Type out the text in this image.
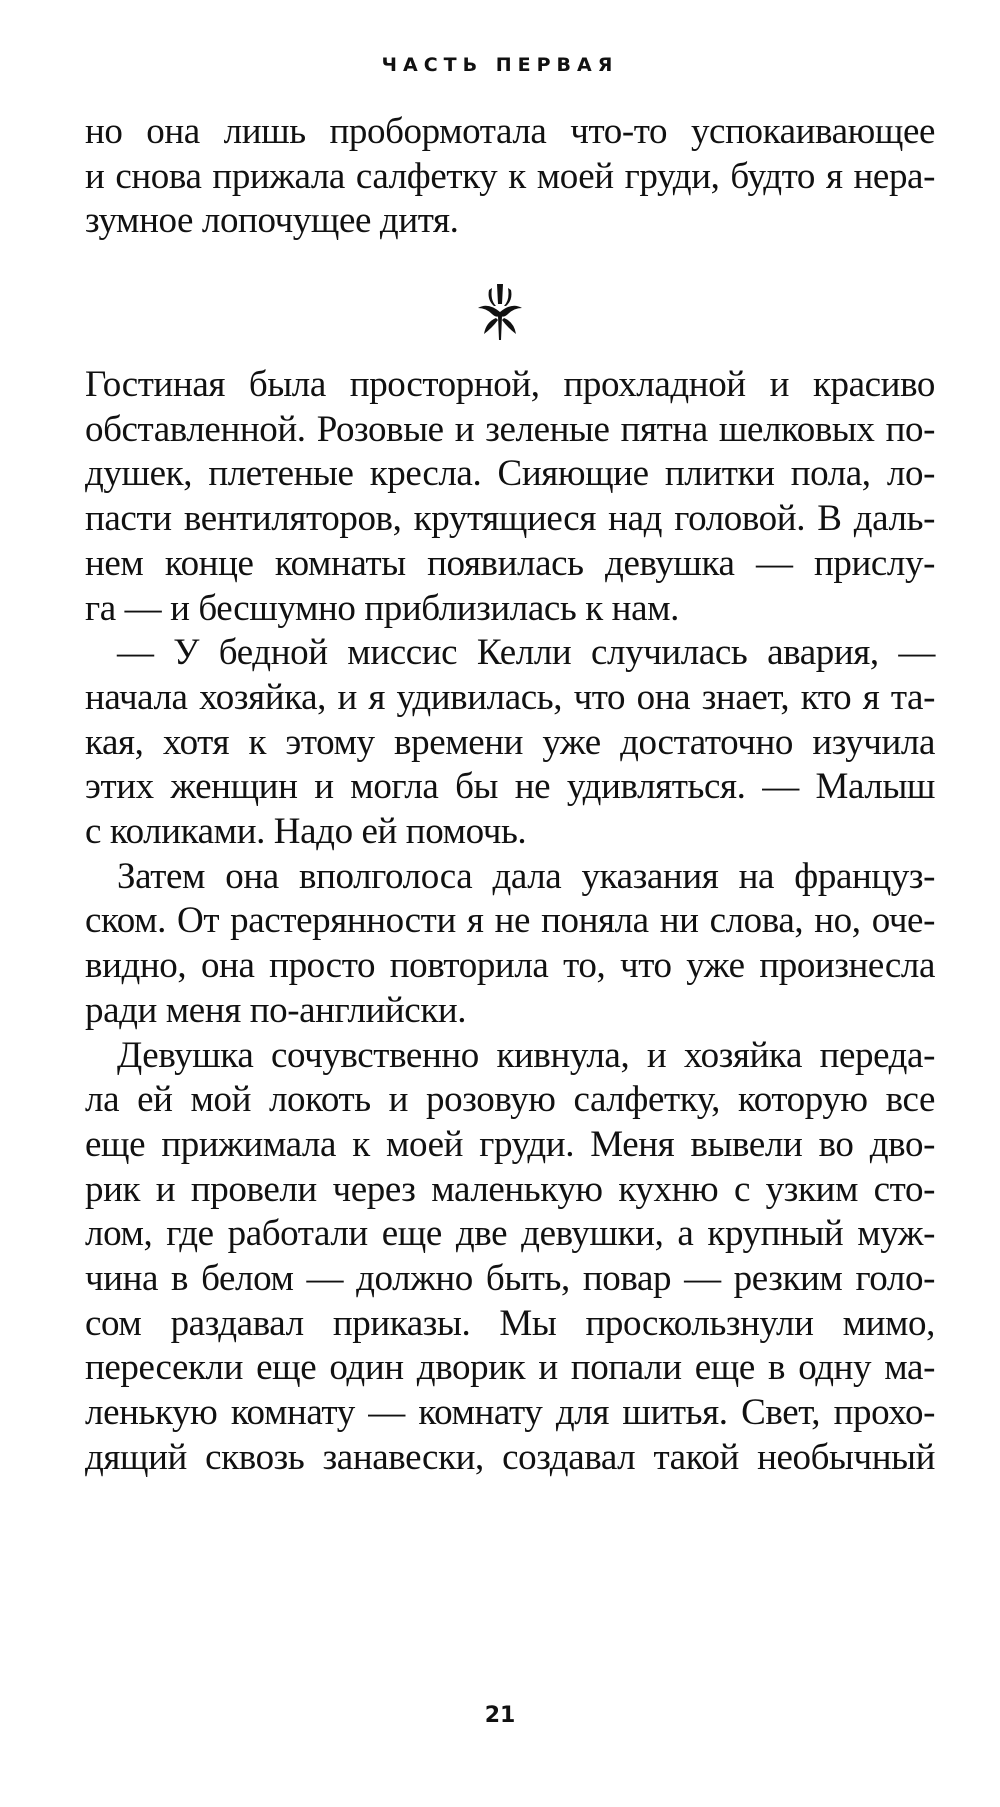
ЧАСТЬ ПЕРВАЯ
но она лишь пробормотала что-то успокаивающее
и снова прижала салфетку к моей груди, будто я нера-
зумное лопочущее дитя.
Гостиная была просторной, прохладной и красиво
обставленной. Розовые и зеленые пятна шелковых по-
душек, плетеные кресла. Сияющие плитки пола, ло-
пасти вентиляторов, крутящиеся над головой. В даль-
нем конце комнаты появилась девушка — прислу-
га — и бесшумно приблизилась к нам.
— У бедной миссис Келли случилась авария, —
начала хозяйка, и я удивилась, что она знает, кто я та-
кая, хотя к этому времени уже достаточно изучила
этих женщин и могла бы не удивляться. — Малыш
с коликами. Надо ей помочь.
Затем она вполголоса дала указания на француз-
ском. От растерянности я не поняла ни слова, но, оче-
видно, она просто повторила то, что уже произнесла
ради меня по-английски.
Девушка сочувственно кивнула, и хозяйка переда-
ла ей мой локоть и розовую салфетку, которую все
еще прижимала к моей груди. Меня вывели во дво-
рик и провели через маленькую кухню с узким сто-
лом, где работали еще две девушки, а крупный муж-
чина в белом — должно быть, повар — резким голо-
сом раздавал приказы. Мы проскользнули мимо,
пересекли еще один дворик и попали еще в одну ма-
ленькую комнату — комнату для шитья. Свет, прохо-
дящий сквозь занавески, создавал такой необычный
21
